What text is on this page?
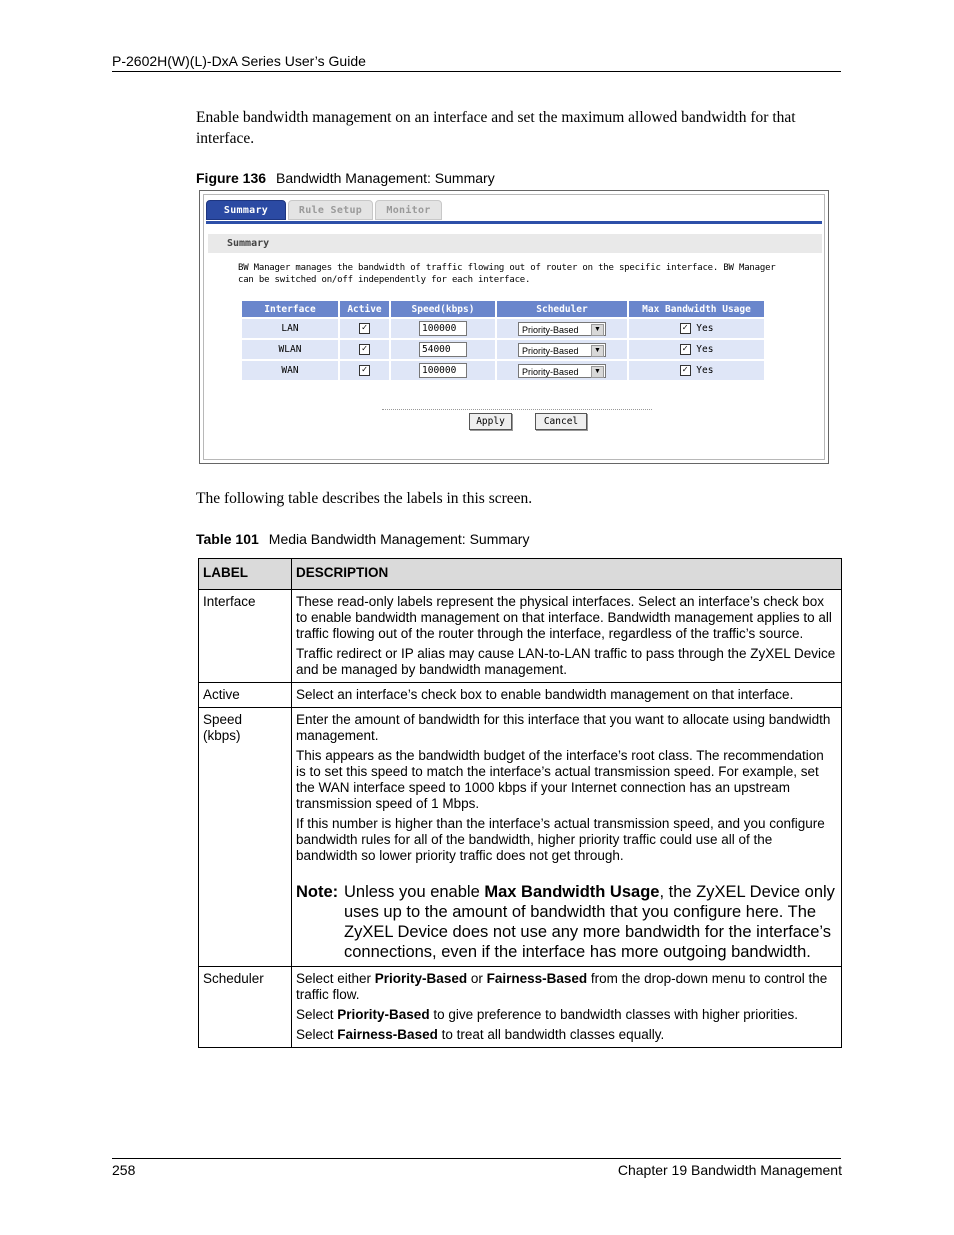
P-2602H(W)(L)-DxA Series User’s Guide
Enable bandwidth management on an interface and set the maximum allowed bandwidth for that interface.
Figure 136 Bandwidth Management: Summary
Summary	Rule Setup	Monitor
Summary
BW Manager manages the bandwidth of traffic flowing out of router on the specific interface. BW Manager
can be switched on/off independently for each interface.
Interface	Active	Speed(kbps)	Scheduler	Max Bandwidth Usage
LAN	✓	100000	Priority-Based ▼	✓ Yes
WLAN	✓	54000	Priority-Based ▼	✓ Yes
WAN	✓	100000	Priority-Based ▼	✓ Yes
Apply	Cancel
The following table describes the labels in this screen.
Table 101 Media Bandwidth Management: Summary
LABEL	DESCRIPTION
Interface	These read-only labels represent the physical interfaces. Select an interface’s check box to enable bandwidth management on that interface. Bandwidth management applies to all traffic flowing out of the router through the interface, regardless of the traffic’s source.

Traffic redirect or IP alias may cause LAN-to-LAN traffic to pass through the ZyXEL Device and be managed by bandwidth management.

Active	Select an interface’s check box to enable bandwidth management on that interface.

Speed (kbps)	Enter the amount of bandwidth for this interface that you want to allocate using bandwidth management.

This appears as the bandwidth budget of the interface’s root class. The recommendation is to set this speed to match the interface’s actual transmission speed. For example, set the WAN interface speed to 1000 kbps if your Internet connection has an upstream transmission speed of 1 Mbps.

If this number is higher than the interface’s actual transmission speed, and you configure bandwidth rules for all of the bandwidth, higher priority traffic could use all of the bandwidth so lower priority traffic does not get through.

Note: Unless you enable Max Bandwidth Usage, the ZyXEL Device only uses up to the amount of bandwidth that you configure here. The ZyXEL Device does not use any more bandwidth for the interface’s connections, even if the interface has more outgoing bandwidth.

Scheduler	Select either Priority-Based or Fairness-Based from the drop-down menu to control the traffic flow.

Select Priority-Based to give preference to bandwidth classes with higher priorities.

Select Fairness-Based to treat all bandwidth classes equally.

258	Chapter 19 Bandwidth Management
